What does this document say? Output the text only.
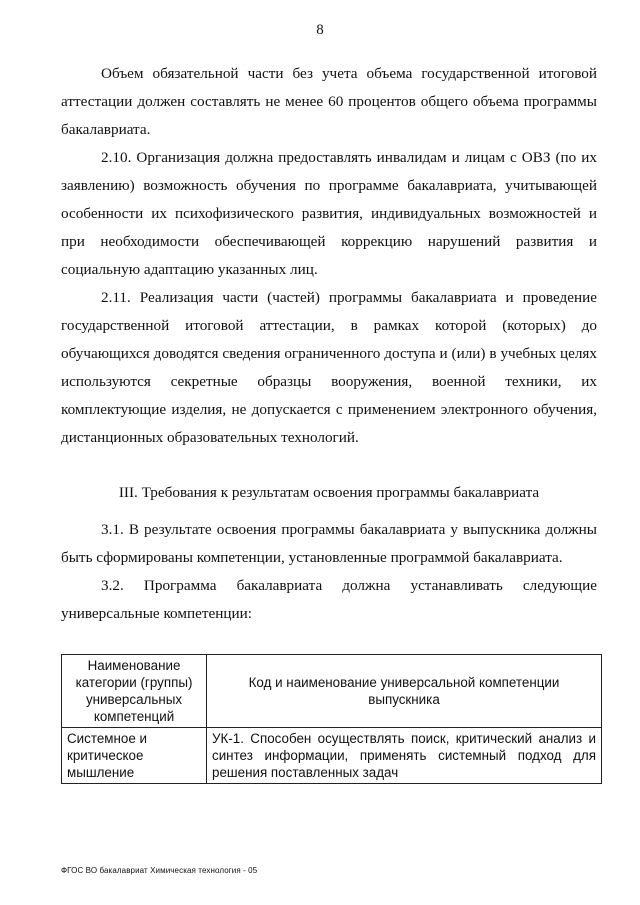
8
Объем обязательной части без учета объема государственной итоговой аттестации должен составлять не менее 60 процентов общего объема программы бакалавриата.
2.10. Организация должна предоставлять инвалидам и лицам с ОВЗ (по их заявлению) возможность обучения по программе бакалавриата, учитывающей особенности их психофизического развития, индивидуальных возможностей и при необходимости обеспечивающей коррекцию нарушений развития и социальную адаптацию указанных лиц.
2.11. Реализация части (частей) программы бакалавриата и проведение государственной итоговой аттестации, в рамках которой (которых) до обучающихся доводятся сведения ограниченного доступа и (или) в учебных целях используются секретные образцы вооружения, военной техники, их комплектующие изделия, не допускается с применением электронного обучения, дистанционных образовательных технологий.
III. Требования к результатам освоения программы бакалавриата
3.1. В результате освоения программы бакалавриата у выпускника должны быть сформированы компетенции, установленные программой бакалавриата.
3.2. Программа бакалавриата должна устанавливать следующие
универсальные компетенции:
Наименование категории (группы) универсальных компетенций	Код и наименование универсальной компетенции выпускника
Системное и критическое мышление	УК-1. Способен осуществлять поиск, критический анализ и синтез информации, применять системный подход для решения поставленных задач
ФГОС ВО бакалавриат Химическая технология - 05
